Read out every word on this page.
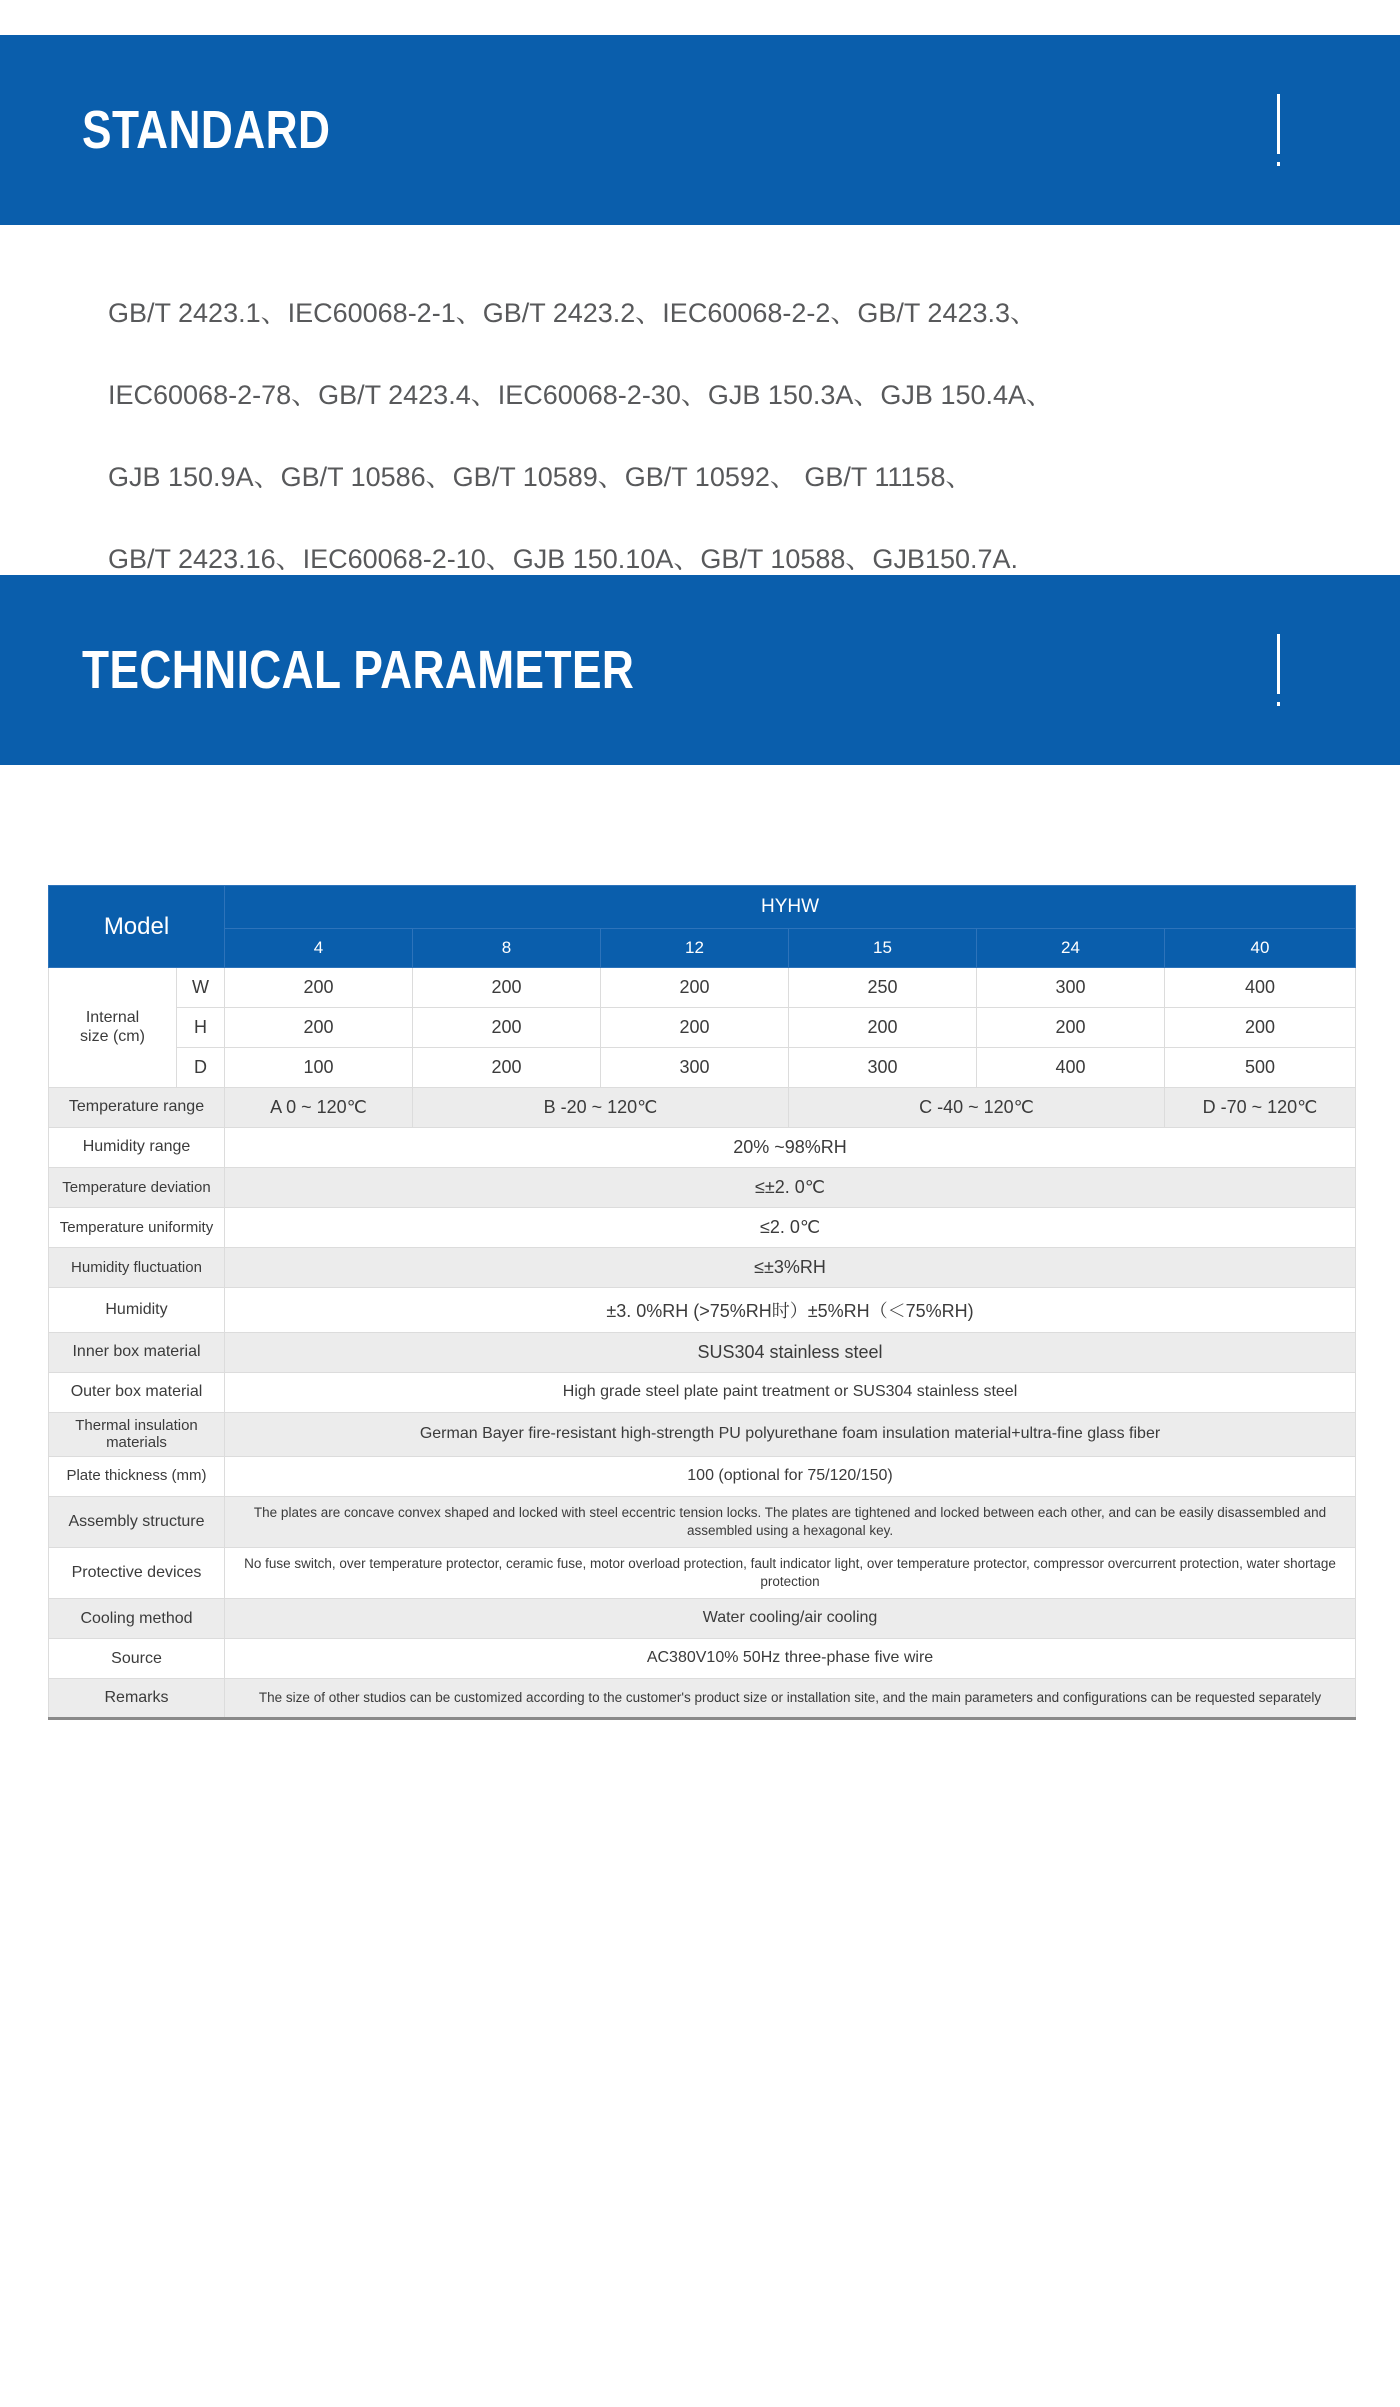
STANDARD
GB/T 2423.1、IEC60068-2-1、GB/T 2423.2、IEC60068-2-2、GB/T 2423.3、
IEC60068-2-78、GB/T 2423.4、IEC60068-2-30、GJB 150.3A、GJB 150.4A、
GJB 150.9A、GB/T 10586、GB/T 10589、GB/T 10592、 GB/T 11158、
GB/T 2423.16、IEC60068-2-10、GJB 150.10A、GB/T 10588、GJB150.7A.
TECHNICAL PARAMETER
Model		HYHW					
		4	8	12	15	24	40

Internal
size (cm)	W	200	200	200	250	300	400
	H	200	200	200	200	200	200
	D	100	200	300	300	400	500
Temperature range		A 0 ~ 120℃	B -20 ~ 120℃		C -40 ~ 120℃		D -70 ~ 120℃
Humidity range		20% ~98%RH					
Temperature deviation		≤±2. 0℃					
Temperature uniformity		≤2. 0℃					
Humidity fluctuation		≤±3%RH					
Humidity		±3. 0%RH (>75%RH时）±5%RH（＜75%RH)					
Inner box material		SUS304 stainless steel					
Outer box material		High grade steel plate paint treatment or SUS304 stainless steel					
Thermal insulation materials		German Bayer fire-resistant high-strength PU polyurethane foam insulation material+ultra-fine glass fiber					
Plate thickness (mm)		100 (optional for 75/120/150)					
Assembly structure		The plates are concave convex shaped and locked with steel eccentric tension locks. The plates are tightened and locked between each other, and can be easily disassembled and assembled using a hexagonal key.					
Protective devices		No fuse switch, over temperature protector, ceramic fuse, motor overload protection, fault indicator light, over temperature protector, compressor overcurrent protection, water shortage protection					
Cooling method		Water cooling/air cooling					
Source		AC380V10% 50Hz three-phase five wire					
Remarks		The size of other studios can be customized according to the customer's product size or installation site, and the main parameters and configurations can be requested separately					
